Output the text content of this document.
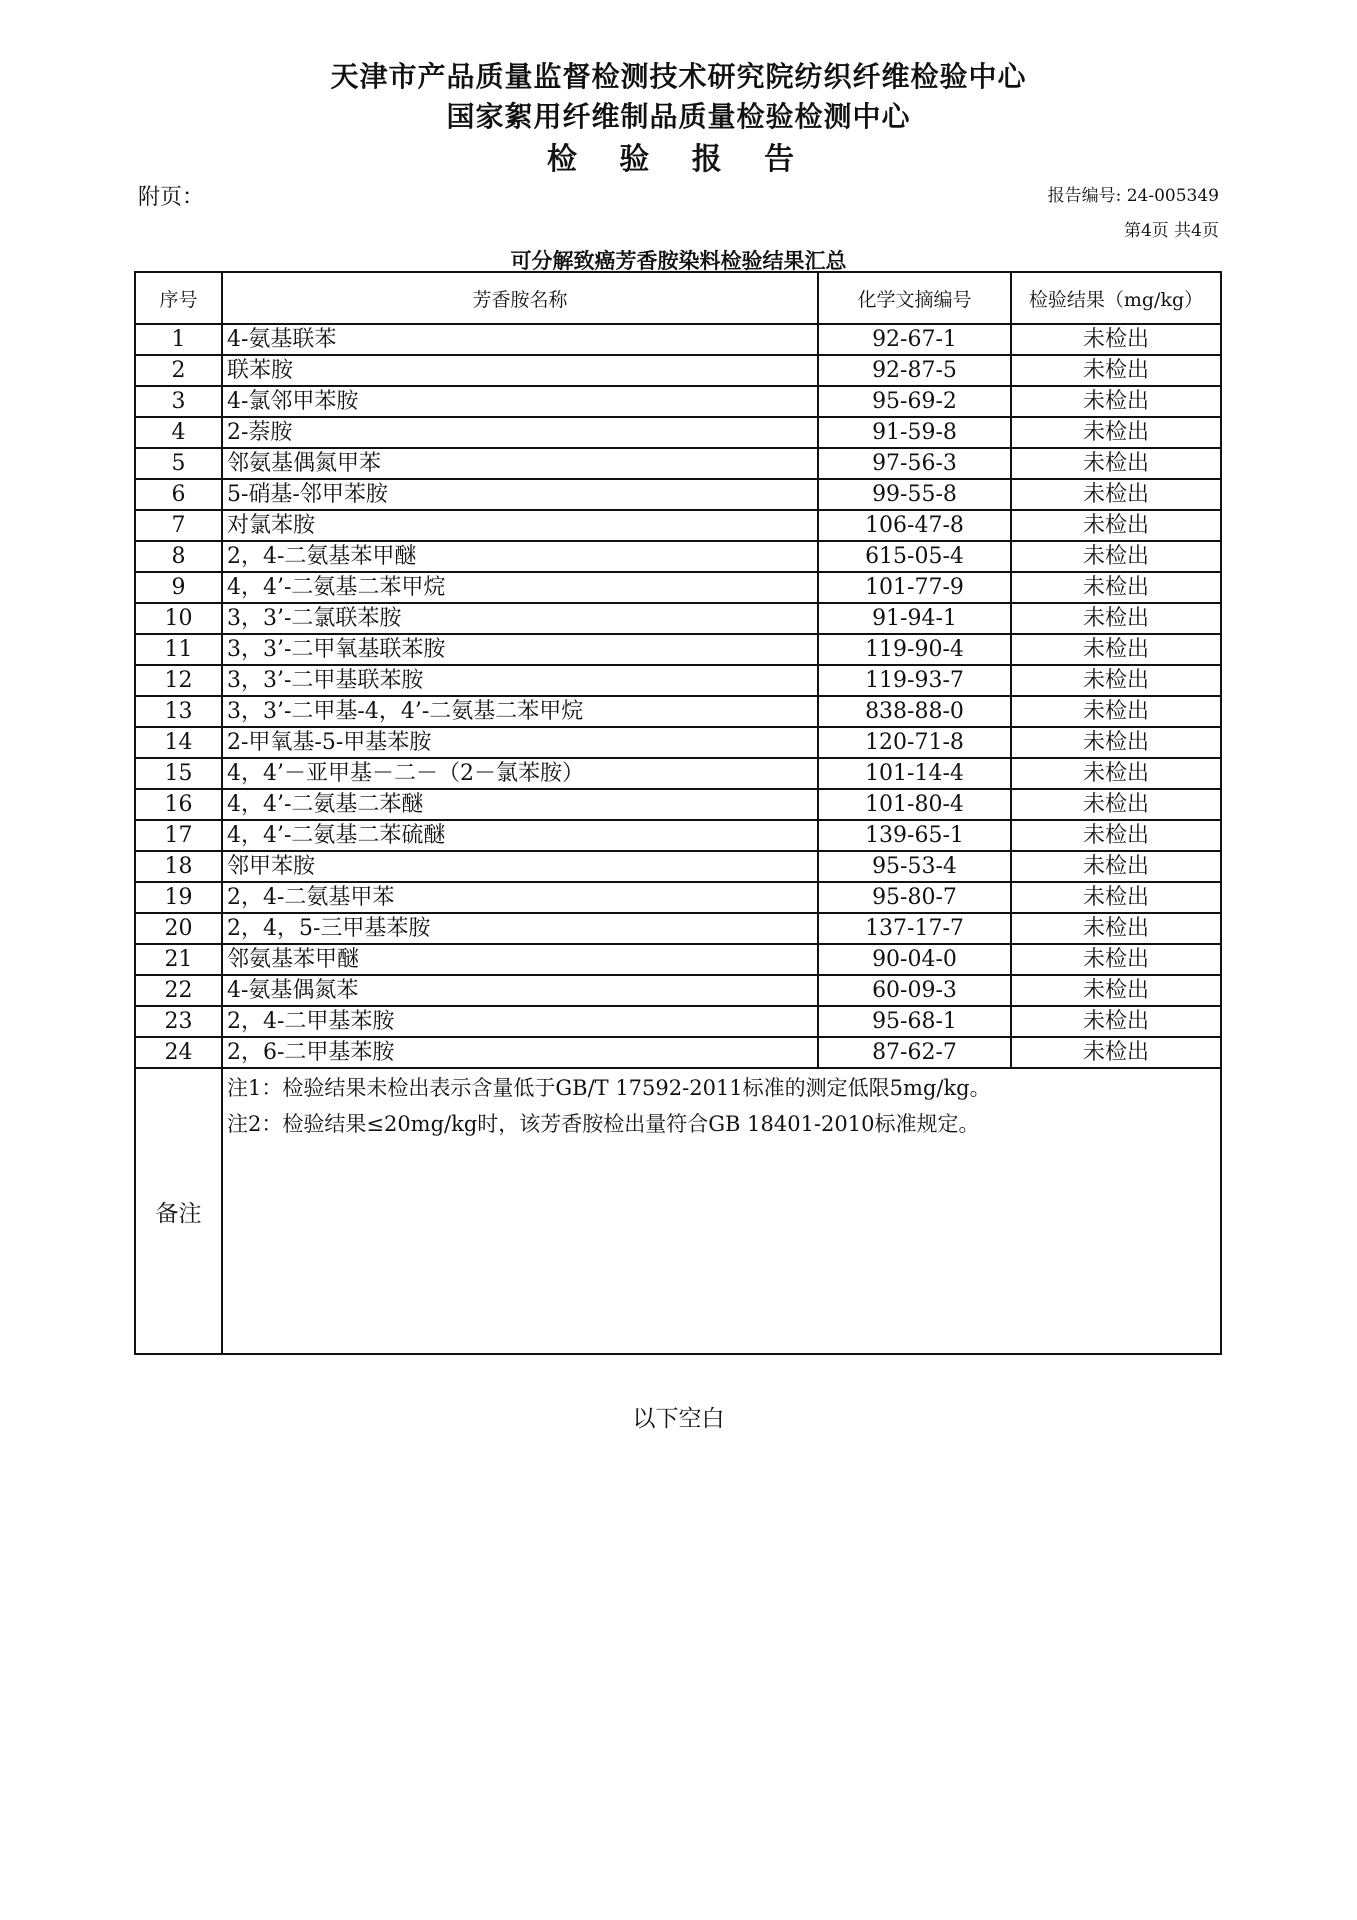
天津市产品质量监督检测技术研究院纺织纤维检验中心
国家絮用纤维制品质量检验检测中心
检 验 报 告
附页：	报告编号: 24-005349
第4页 共4页
可分解致癌芳香胺染料检验结果汇总
序号	芳香胺名称	化学文摘编号	检验结果（mg/kg）
1	4-氨基联苯	92-67-1	未检出
2	联苯胺	92-87-5	未检出
3	4-氯邻甲苯胺	95-69-2	未检出
4	2-萘胺	91-59-8	未检出
5	邻氨基偶氮甲苯	97-56-3	未检出
6	5-硝基-邻甲苯胺	99-55-8	未检出
7	对氯苯胺	106-47-8	未检出
8	2，4-二氨基苯甲醚	615-05-4	未检出
9	4，4’-二氨基二苯甲烷	101-77-9	未检出
10	3，3’-二氯联苯胺	91-94-1	未检出
11	3，3’-二甲氧基联苯胺	119-90-4	未检出
12	3，3’-二甲基联苯胺	119-93-7	未检出
13	3，3’-二甲基-4，4’-二氨基二苯甲烷	838-88-0	未检出
14	2-甲氧基-5-甲基苯胺	120-71-8	未检出
15	4，4’－亚甲基－二－（2－氯苯胺）	101-14-4	未检出
16	4，4’-二氨基二苯醚	101-80-4	未检出
17	4，4’-二氨基二苯硫醚	139-65-1	未检出
18	邻甲苯胺	95-53-4	未检出
19	2，4-二氨基甲苯	95-80-7	未检出
20	2，4，5-三甲基苯胺	137-17-7	未检出
21	邻氨基苯甲醚	90-04-0	未检出
22	4-氨基偶氮苯	60-09-3	未检出
23	2，4-二甲基苯胺	95-68-1	未检出
24	2，6-二甲基苯胺	87-62-7	未检出
备注	注1：检验结果未检出表示含量低于GB/T 17592-2011标准的测定低限5mg/kg。
注2：检验结果≤20mg/kg时，该芳香胺检出量符合GB 18401-2010标准规定。		
以下空白
